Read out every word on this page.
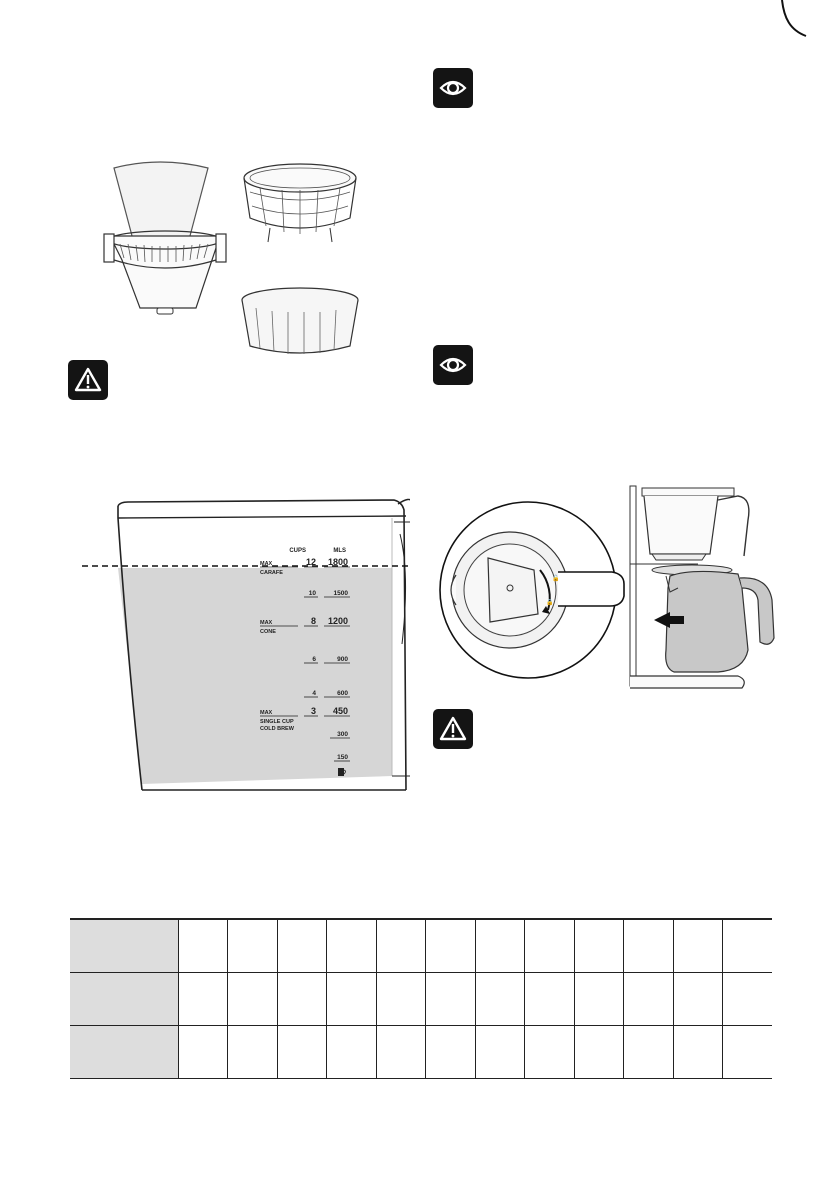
CUPS	MLS
MAX
CARAFE
12 1800
10	1500
MAX
CONE
8 1200
6	900
4	600
MAX
SINGLE CUP
COLD BREW
3 450
300
150
🔓
🔒
